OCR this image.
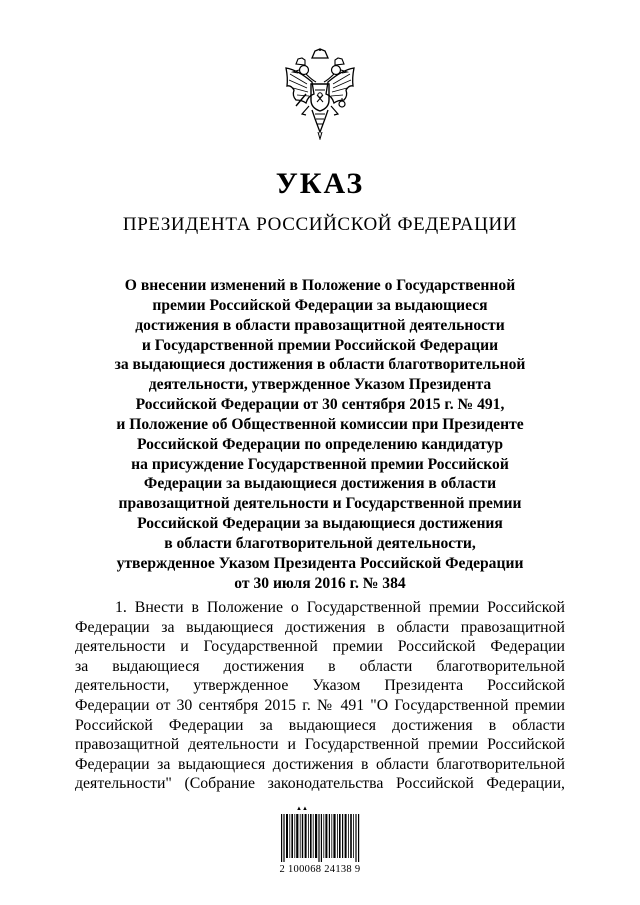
УКАЗ
ПРЕЗИДЕНТА РОССИЙСКОЙ ФЕДЕРАЦИИ
О внесении изменений в Положение о Государственной
премии Российской Федерации за выдающиеся
достижения в области правозащитной деятельности
и Государственной премии Российской Федерации
за выдающиеся достижения в области благотворительной
деятельности, утвержденное Указом Президента
Российской Федерации от 30 сентября 2015 г. № 491,
и Положение об Общественной комиссии при Президенте
Российской Федерации по определению кандидатур
на присуждение Государственной премии Российской
Федерации за выдающиеся достижения в области
правозащитной деятельности и Государственной премии
Российской Федерации за выдающиеся достижения
в области благотворительной деятельности,
утвержденное Указом Президента Российской Федерации
от 30 июля 2016 г. № 384
1. Внести в Положение о Государственной премии Российской
Федерации за выдающиеся достижения в области правозащитной
деятельности и Государственной премии Российской Федерации
за выдающиеся достижения в области благотворительной
деятельности, утвержденное Указом Президента Российской
Федерации от 30 сентября 2015 г. № 491 "О Государственной премии
Российской Федерации за выдающиеся достижения в области
правозащитной деятельности и Государственной премии Российской
Федерации за выдающиеся достижения в области благотворительной
деятельности" (Собрание законодательства Российской Федерации,
▲▲
2 100068 24138 9
